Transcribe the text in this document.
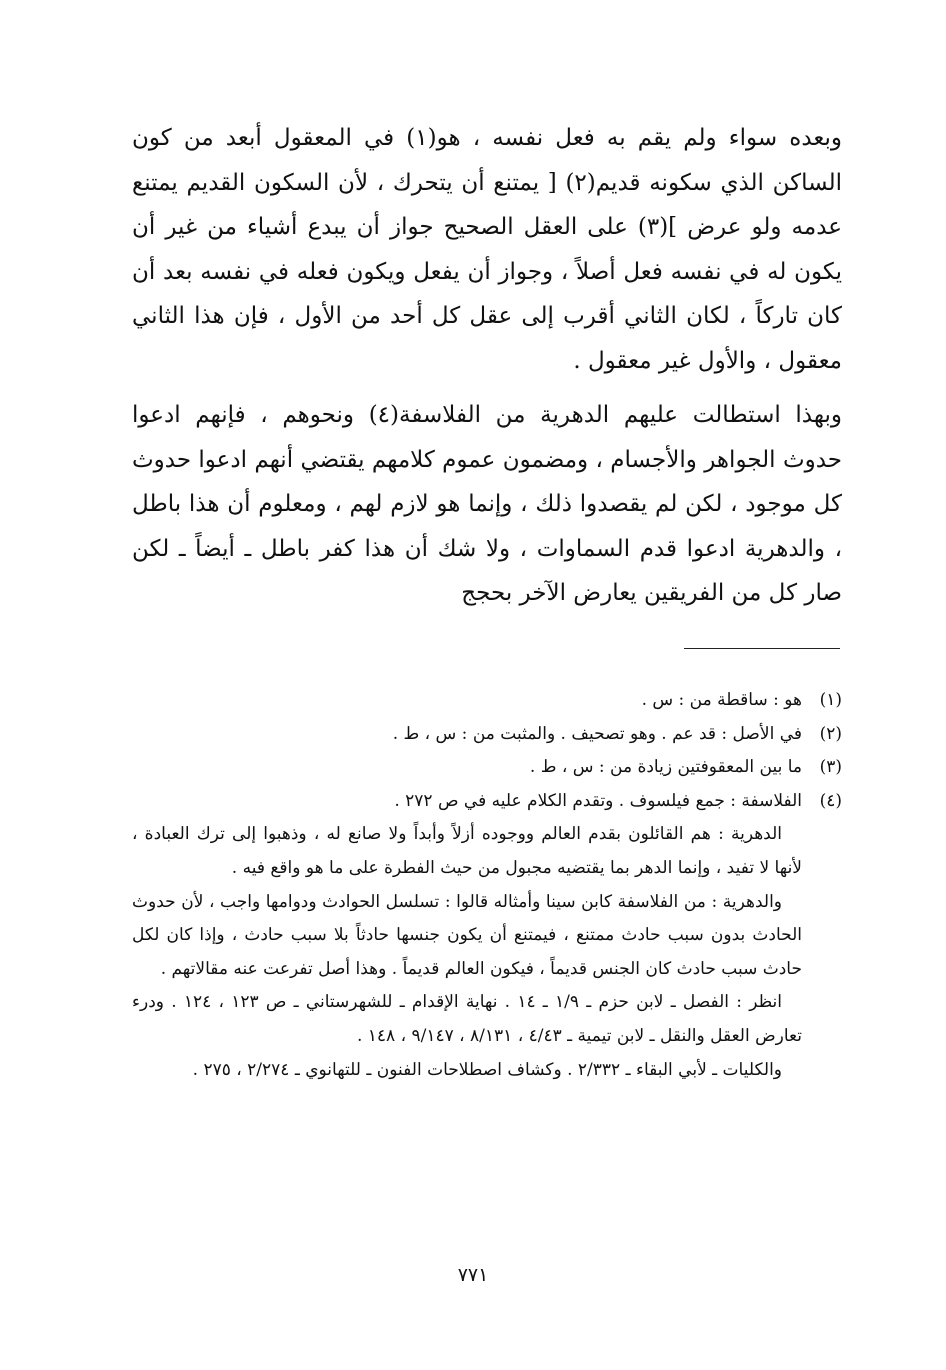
وبعده سواء ولم يقم به فعل نفسه ، هو(١) في المعقول أبعد من كون الساكن الذي سكونه قديم(٢) [ يمتنع أن يتحرك ، لأن السكون القديم يمتنع عدمه ولو عرض ](٣) على العقل الصحيح جواز أن يبدع أشياء من غير أن يكون له في نفسه فعل أصلاً ، وجواز أن يفعل ويكون فعله في نفسه بعد أن كان تاركاً ، لكان الثاني أقرب إلى عقل كل أحد من الأول ، فإن هذا الثاني معقول ، والأول غير معقول .

وبهذا استطالت عليهم الدهرية من الفلاسفة(٤) ونحوهم ، فإنهم ادعوا حدوث الجواهر والأجسام ، ومضمون عموم كلامهم يقتضي أنهم ادعوا حدوث كل موجود ، لكن لم يقصدوا ذلك ، وإنما هو لازم لهم ، ومعلوم أن هذا باطل ، والدهرية ادعوا قدم السماوات ، ولا شك أن هذا كفر باطل ـ أيضاً ـ لكن صار كل من الفريقين يعارض الآخر بحجج

(١)
هو : ساقطة من : س .
(٢)
في الأصل : قد عم . وهو تصحيف . والمثبت من : س ، ط .
(٣)
ما بين المعقوفتين زيادة من : س ، ط .
(٤)
الفلاسفة : جمع فيلسوف . وتقدم الكلام عليه في ص ٢٧٢ .
الدهرية : هم القائلون بقدم العالم ووجوده أزلاً وأبداً ولا صانع له ، وذهبوا إلى ترك العبادة ، لأنها لا تفيد ، وإنما الدهر بما يقتضيه مجبول من حيث الفطرة على ما هو واقع فيه .
والدهرية : من الفلاسفة كابن سينا وأمثاله قالوا : تسلسل الحوادث ودوامها واجب ، لأن حدوث الحادث بدون سبب حادث ممتنع ، فيمتنع أن يكون جنسها حادثاً بلا سبب حادث ، وإذا كان لكل حادث سبب حادث كان الجنس قديماً ، فيكون العالم قديماً . وهذا أصل تفرعت عنه مقالاتهم .
انظر : الفصل ـ لابن حزم ـ ١/٩ ـ ١٤ . نهاية الإقدام ـ للشهرستاني ـ ص ١٢٣ ، ١٢٤ . ودرء تعارض العقل والنقل ـ لابن تيمية ـ ٤/٤٣ ، ٨/١٣١ ، ٩/١٤٧ ، ١٤٨ .
والكليات ـ لأبي البقاء ـ ٢/٣٣٢ . وكشاف اصطلاحات الفنون ـ للتهانوي ـ ٢/٢٧٤ ، ٢٧٥ .
٧٧١
